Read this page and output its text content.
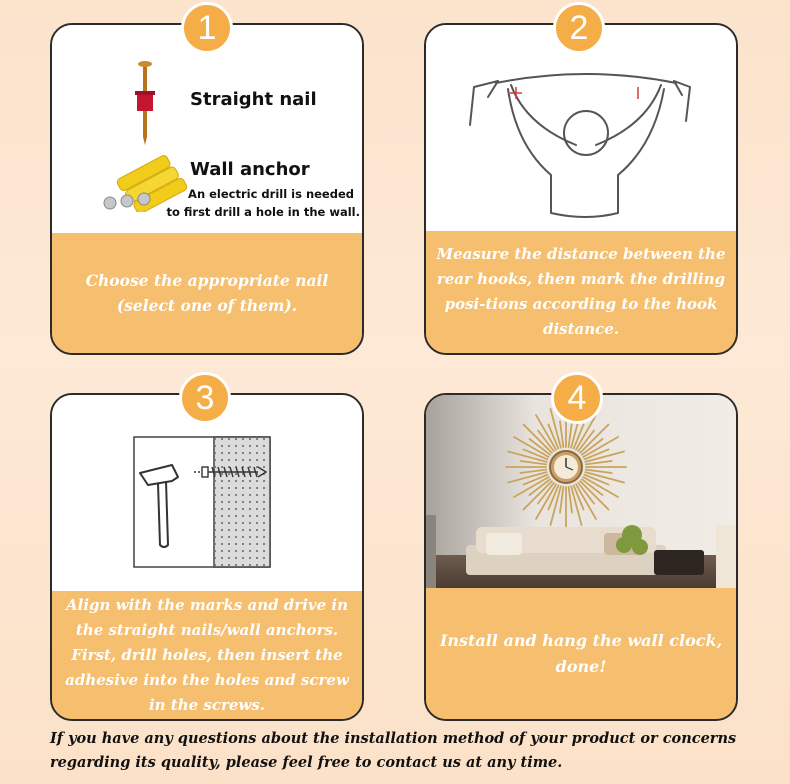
1
Straight nail
Wall anchor
An electric drill is needed
to first drill a hole in the wall.
Choose the appropriate nail (select one of them).
2
Measure the distance between the rear hooks, then mark the drilling posi-tions according to the hook distance.
3
Align with the marks and drive in the straight nails/wall anchors. First, drill holes, then insert the adhesive into the holes and screw in the screws.
4
Install and hang the wall clock, done!
If you have any questions about the installation method of your product or concerns regarding its quality, please feel free to contact us at any time.
